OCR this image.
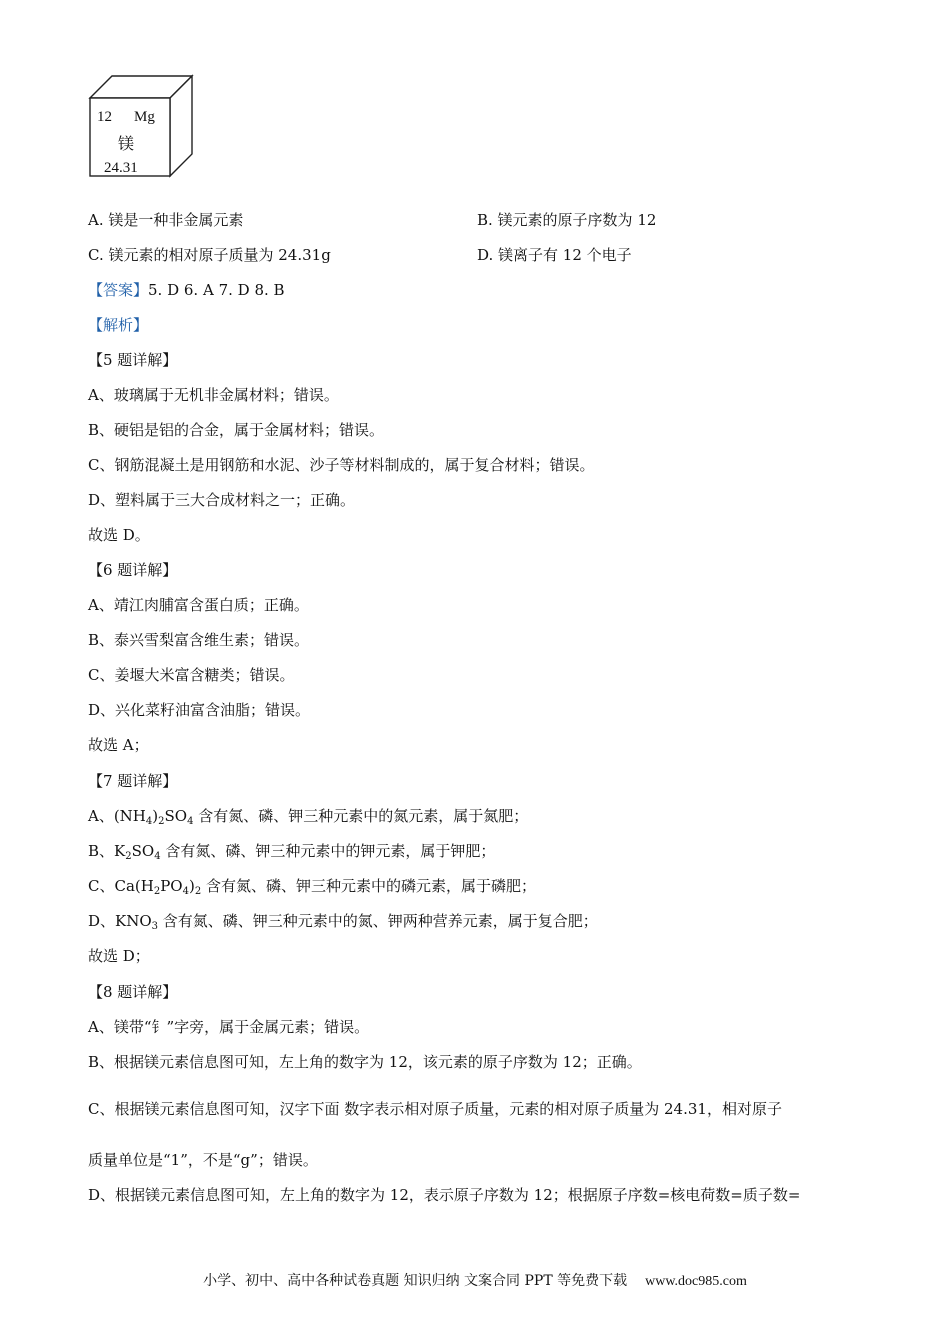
12 Mg
镁
24.31
A. 镁是一种非金属元素	B. 镁元素的原子序数为 12
C. 镁元素的相对原子质量为 24.31g	D. 镁离子有 12 个电子
【答案】5. D 6. A 7. D 8. B
【解析】
【5 题详解】
A、玻璃属于无机非金属材料；错误。
B、硬铝是铝的合金，属于金属材料；错误。
C、钢筋混凝土是用钢筋和水泥、沙子等材料制成的，属于复合材料；错误。
D、塑料属于三大合成材料之一；正确。
故选 D。
【6 题详解】
A、靖江肉脯富含蛋白质；正确。
B、泰兴雪梨富含维生素；错误。
C、姜堰大米富含糖类；错误。
D、兴化菜籽油富含油脂；错误。
故选 A；
【7 题详解】
A、$(NH_4)_2SO_4$ 含有氮、磷、钾三种元素中的氮元素，属于氮肥；
B、$K_2SO_4$ 含有氮、磷、钾三种元素中的钾元素，属于钾肥；
C、$Ca(H_2PO_4)_2$ 含有氮、磷、钾三种元素中的磷元素，属于磷肥；
D、$KNO_3$ 含有氮、磷、钾三种元素中的氮、钾两种营养元素，属于复合肥；
故选 D；
【8 题详解】
A、镁带“钅”字旁，属于金属元素；错误。
B、根据镁元素信息图可知，左上角的数字为 12，该元素的原子序数为 12；正确。
C、根据镁元素信息图可知，汉字下面 数字表示相对原子质量，元素的相对原子质量为 24.31，相对原子
质量单位是“1”，不是“g”；错误。
D、根据镁元素信息图可知，左上角的数字为 12，表示原子序数为 12；根据原子序数=核电荷数=质子数=
小学、初中、高中各种试卷真题 知识归纳 文案合同 PPT 等免费下载 www.doc985.com
